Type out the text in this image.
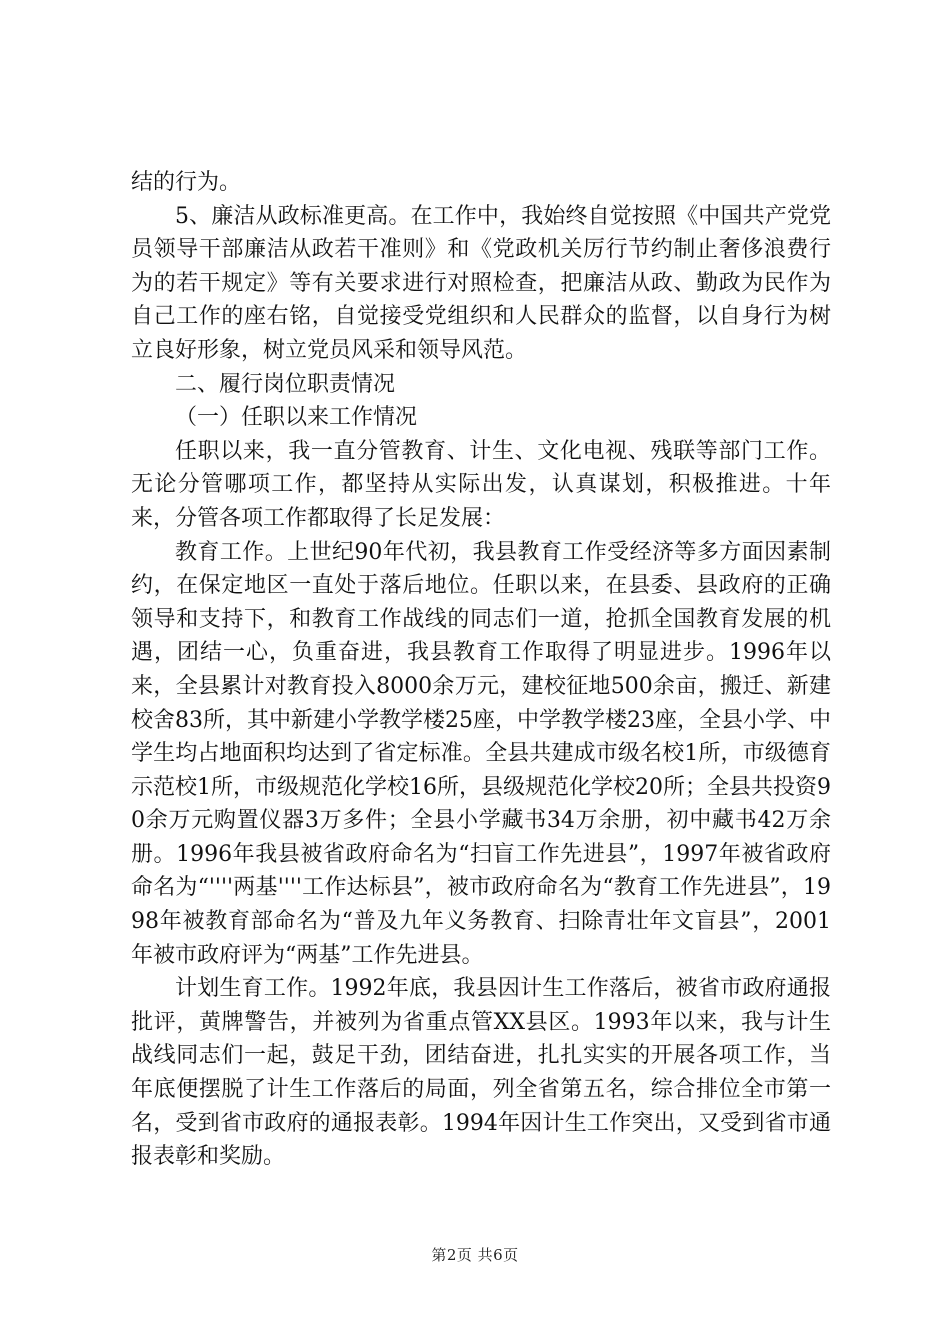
结的行为。

5、廉洁从政标准更高。在工作中，我始终自觉按照《中国共产党党员领导干部廉洁从政若干准则》和《党政机关厉行节约制止奢侈浪费行为的若干规定》等有关要求进行对照检查，把廉洁从政、勤政为民作为自己工作的座右铭，自觉接受党组织和人民群众的监督，以自身行为树立良好形象，树立党员风采和领导风范。

二、履行岗位职责情况

（一）任职以来工作情况

任职以来，我一直分管教育、计生、文化电视、残联等部门工作。无论分管哪项工作，都坚持从实际出发，认真谋划，积极推进。十年来，分管各项工作都取得了长足发展：

教育工作。上世纪90年代初，我县教育工作受经济等多方面因素制约，在保定地区一直处于落后地位。任职以来，在县委、县政府的正确领导和支持下，和教育工作战线的同志们一道，抢抓全国教育发展的机遇，团结一心，负重奋进，我县教育工作取得了明显进步。1996年以来，全县累计对教育投入8000余万元，建校征地500余亩，搬迁、新建校舍83所，其中新建小学教学楼25座，中学教学楼23座，全县小学、中学生均占地面积均达到了省定标准。全县共建成市级名校1所，市级德育示范校1所，市级规范化学校16所，县级规范化学校20所；全县共投资90余万元购置仪器3万多件；全县小学藏书34万余册，初中藏书42万余册。1996年我县被省政府命名为“扫盲工作先进县”，1997年被省政府命名为“''''两基''''工作达标县”，被市政府命名为“教育工作先进县”，1998年被教育部命名为“普及九年义务教育、扫除青壮年文盲县”，2001年被市政府评为“两基”工作先进县。

计划生育工作。1992年底，我县因计生工作落后，被省市政府通报批评，黄牌警告，并被列为省重点管XX县区。1993年以来，我与计生战线同志们一起，鼓足干劲，团结奋进，扎扎实实的开展各项工作，当年底便摆脱了计生工作落后的局面，列全省第五名，综合排位全市第一名，受到省市政府的通报表彰。1994年因计生工作突出，又受到省市通报表彰和奖励。

第2页 共6页
